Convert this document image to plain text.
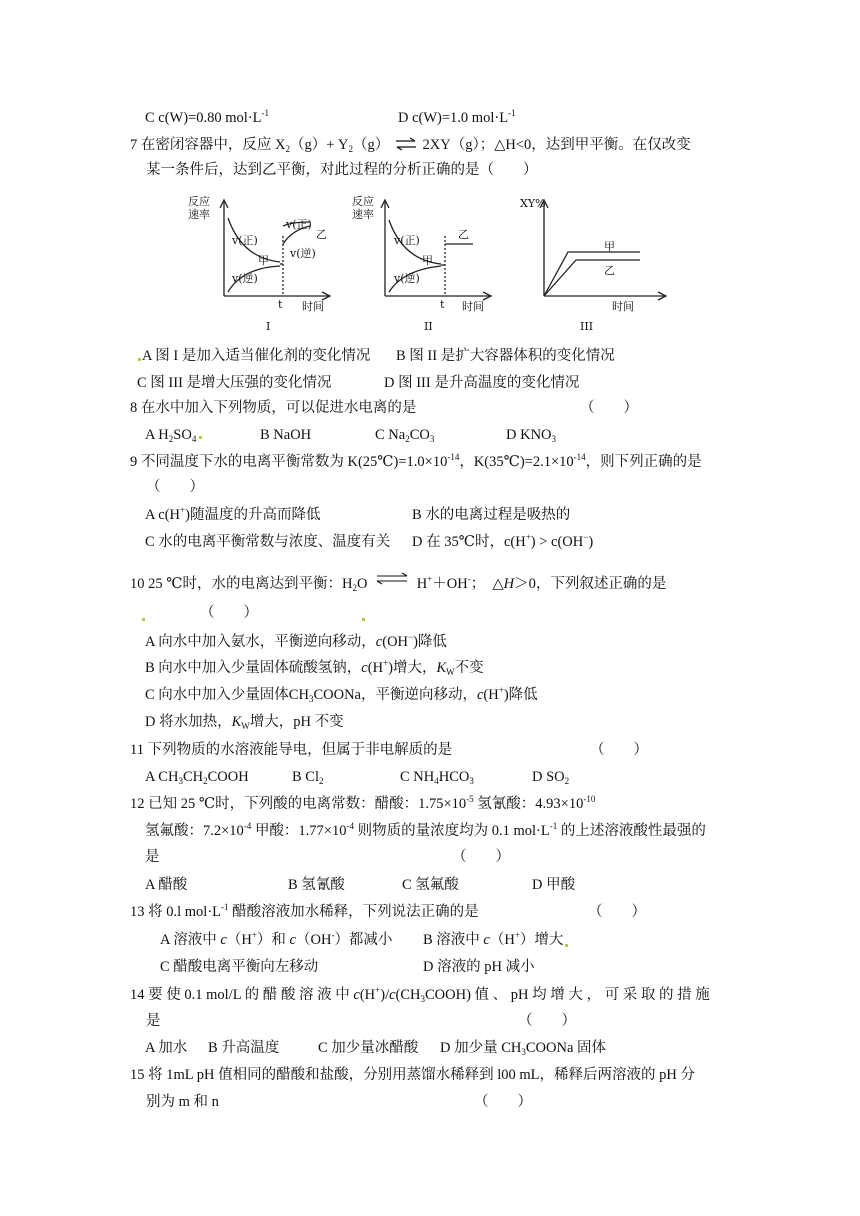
C c(W)=0.80 $mol\cdot L^{-1}$	D c(W)=1.0 $mol\cdot L^{-1}$
7 在密闭容器中，反应 $X_2(g)+ Y_2(g)$ ⇌ 2XY（g）；△H<0，达到甲平衡。在仅改变
某一条件后，达到乙平衡，对此过程的分析正确的是（　　）
反应
速率
v(正)
v(逆)
v(正)
v(逆)
甲
乙
t 时间
I
反应
速率
v(正)
v(逆)
甲
乙
t 时间
II
XY%
甲
乙
时间
III
A 图 I 是加入适当催化剂的变化情况 B 图 II 是扩大容器体积的变化情况
C 图 III 是增大压强的变化情况	D 图 III 是升高温度的变化情况
8 在水中加入下列物质，可以促进水电离的是	（　　）
A $H_2SO_4$	B NaOH	C $Na_2CO_3$	D $KNO_3$
9 不同温度下水的电离平衡常数为 $K(25℃)=1.0\times 10^{-14}$，$K(35℃)=2.1\times 10^{-14}$，则下列正确的是
（　　）
A c(H+)随温度的升高而降低	B 水的电离过程是吸热的
C 水的电离平衡常数与浓度、温度有关 D 在 35℃时，c(H+) > c(OH−)
10 25 ℃时，水的电离达到平衡：$H_2O$ ⇌ H+＋OH-；　△H＞0，下列叙述正确的是
（　　）
A 向水中加入氨水，平衡逆向移动，c(OH−)降低
B 向水中加入少量固体硫酸氢钠，c(H+)增大，$K_W$不变
C 向水中加入少量固体$CH_3COONa$，平衡逆向移动，c(H+)降低
D 将水加热，$K_W$增大，pH 不变
11 下列物质的水溶液能导电，但属于非电解质的是	（　　）
A $CH_3CH_2COOH$	B $Cl_2$	C $NH_4HCO_3$	D $SO_2$
12 已知 25 ℃时，下列酸的电离常数：醋酸：$1.75\times 10^{-5}$ 氢氰酸：$4.93\times 10^{-10}$
氢氟酸：$7.2\times 10^{-4}$ 甲酸：$1.77\times 10^{-4}$ 则物质的量浓度均为 0.1 $mol\cdot L^{-1}$ 的上述溶液酸性最强的
是	（　　）
A 醋酸	B 氢氰酸	C 氢氟酸	D 甲酸
13 将 0.l $mol\cdot L^{-1}$ 醋酸溶液加水稀释，下列说法正确的是	（　　）
A 溶液中 c（H+）和 c（OH-）都减小 B 溶液中 c（H+）增大
C 醋酸电离平衡向左移动	D 溶液的 pH 减小
14 要 使 0.1 mol/L 的 醋 酸 溶 液 中 $c(H^+)/c(CH_3COOH)$ 值 、 pH 均 增 大 ， 可 采 取 的 措 施
是	（　　）
A 加水 B 升高温度	C 加少量冰醋酸 D 加少量 $CH_3COONa$ 固体
15 将 1mL pH 值相同的醋酸和盐酸，分别用蒸馏水稀释到 l00 mL，稀释后两溶液的 pH 分
别为 m 和 n	（　　）
